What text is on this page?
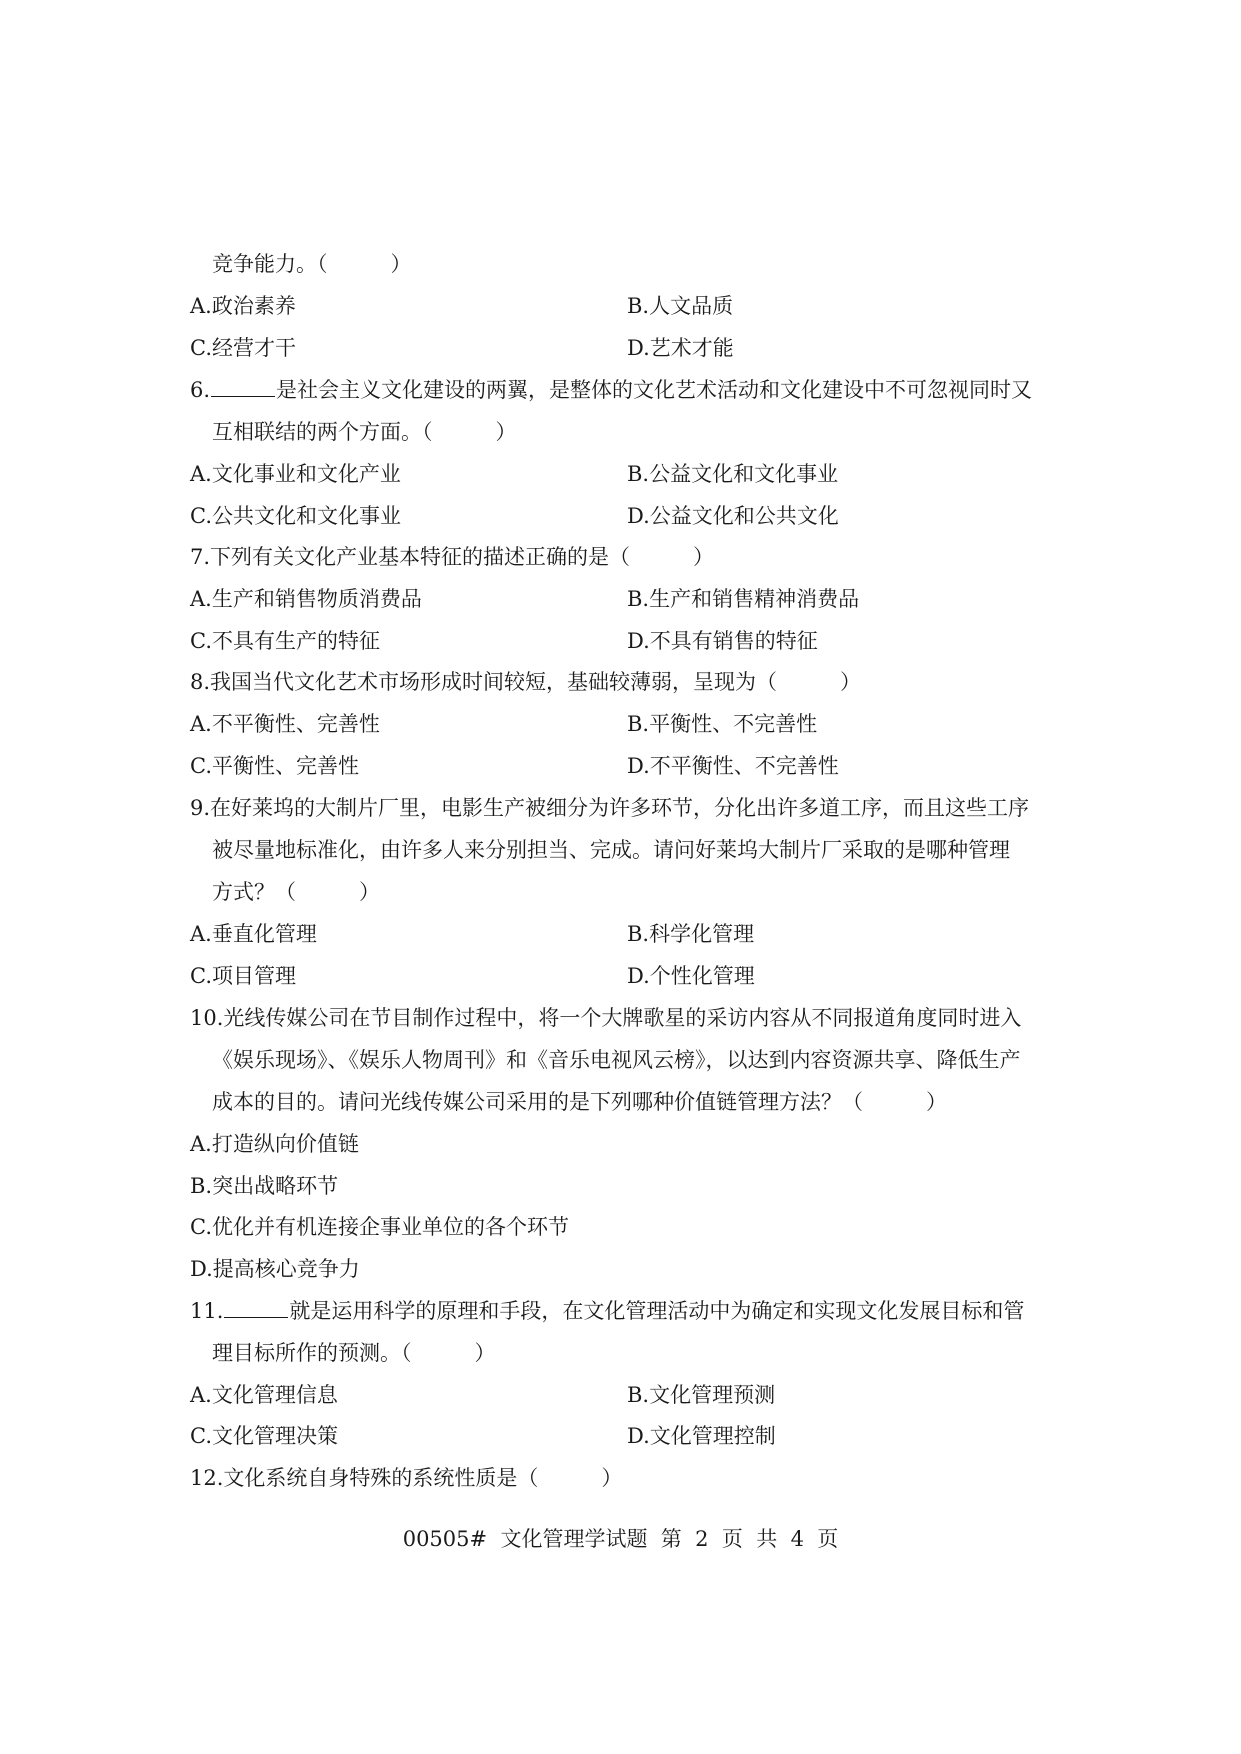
竞争能力。（　　　）
A.政治素养	B.人文品质
C.经营才干	D.艺术才能
6.	是社会主义文化建设的两翼，是整体的文化艺术活动和文化建设中不可忽视同时又
互相联结的两个方面。（　　　）
A.文化事业和文化产业	B.公益文化和文化事业
C.公共文化和文化事业	D.公益文化和公共文化
7.下列有关文化产业基本特征的描述正确的是（　　　）
A.生产和销售物质消费品	B.生产和销售精神消费品
C.不具有生产的特征	D.不具有销售的特征
8.我国当代文化艺术市场形成时间较短，基础较薄弱，呈现为（　　　）
A.不平衡性、完善性	B.平衡性、不完善性
C.平衡性、完善性	D.不平衡性、不完善性
9.在好莱坞的大制片厂里，电影生产被细分为许多环节，分化出许多道工序，而且这些工序
被尽量地标准化，由许多人来分别担当、完成。请问好莱坞大制片厂采取的是哪种管理
方式？（　　　）
A.垂直化管理	B.科学化管理
C.项目管理	D.个性化管理
10.光线传媒公司在节目制作过程中，将一个大牌歌星的采访内容从不同报道角度同时进入
《娱乐现场》、《娱乐人物周刊》和《音乐电视风云榜》，以达到内容资源共享、降低生产
成本的目的。请问光线传媒公司采用的是下列哪种价值链管理方法？（　　　）
A.打造纵向价值链
B.突出战略环节
C.优化并有机连接企事业单位的各个环节
D.提高核心竞争力
11.	就是运用科学的原理和手段，在文化管理活动中为确定和实现文化发展目标和管
理目标所作的预测。（　　　）
A.文化管理信息	B.文化管理预测
C.文化管理决策	D.文化管理控制
12.文化系统自身特殊的系统性质是（　　　）
00505#  文化管理学试题  第  2  页  共  4  页
